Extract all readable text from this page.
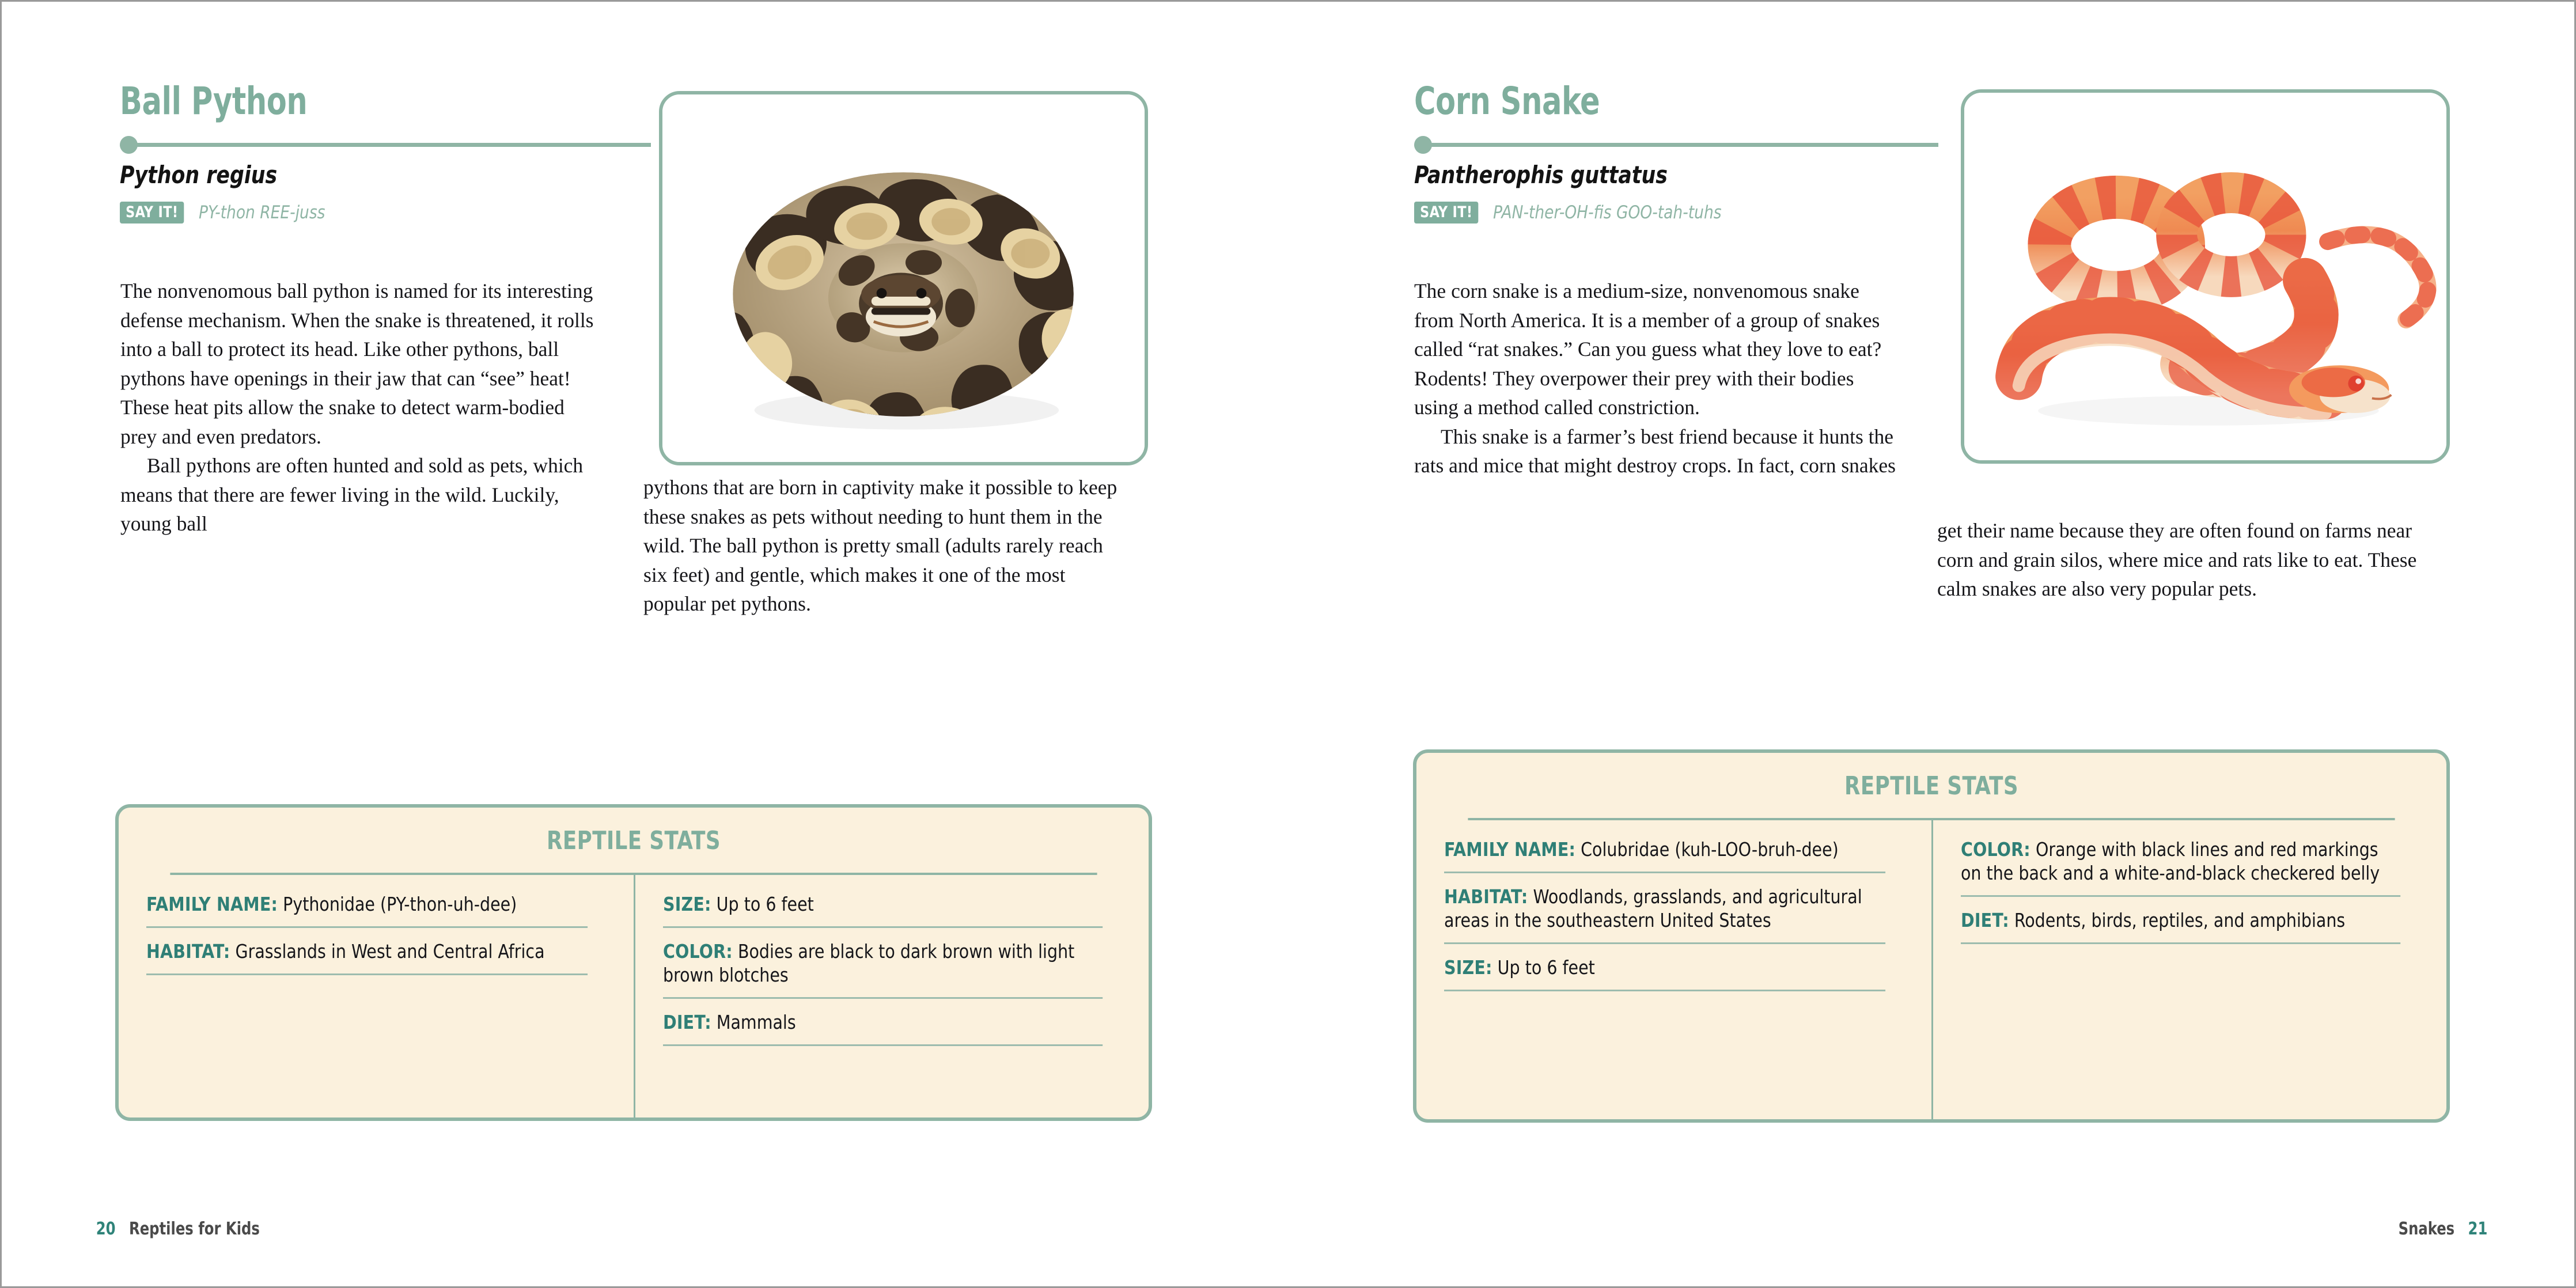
Ball Python
Python regius
SAY IT!	PY-thon REE-juss

The nonvenomous ball python is named for its interesting defense mechanism. When the snake is threatened, it rolls into a ball to protect its head. Like other pythons, ball pythons have openings in their jaw that can “see” heat! These heat pits allow the snake to detect warm-bodied prey and even predators.

Ball pythons are often hunted and sold as pets, which means that there are fewer living in the wild. Luckily, young ball

pythons that are born in captivity make it possible to keep these snakes as pets without needing to hunt them in the wild. The ball python is pretty small (adults rarely reach six feet) and gentle, which makes it one of the most popular pet pythons.

REPTILE STATS
FAMILY NAME: Pythonidae (PY-thon-uh-dee)
HABITAT: Grasslands in West and Central Africa
SIZE: Up to 6 feet
COLOR: Bodies are black to dark brown with light brown blotches
DIET: Mammals
20 Reptiles for Kids
Corn Snake
Pantherophis guttatus
SAY IT!	PAN-ther-OH-fis GOO-tah-tuhs

The corn snake is a medium-size, nonvenomous snake from North America. It is a member of a group of snakes called “rat snakes.” Can you guess what they love to eat? Rodents! They overpower their prey with their bodies using a method called constriction.

This snake is a farmer’s best friend because it hunts the rats and mice that might destroy crops. In fact, corn snakes

get their name because they are often found on farms near corn and grain silos, where mice and rats like to eat. These calm snakes are also very popular pets.

REPTILE STATS
FAMILY NAME: Colubridae (kuh-LOO-bruh-dee)
HABITAT: Woodlands, grasslands, and agricultural areas in the southeastern United States
SIZE: Up to 6 feet
COLOR: Orange with black lines and red markings on the back and a white-and-black checkered belly
DIET: Rodents, birds, reptiles, and amphibians
Snakes 21
